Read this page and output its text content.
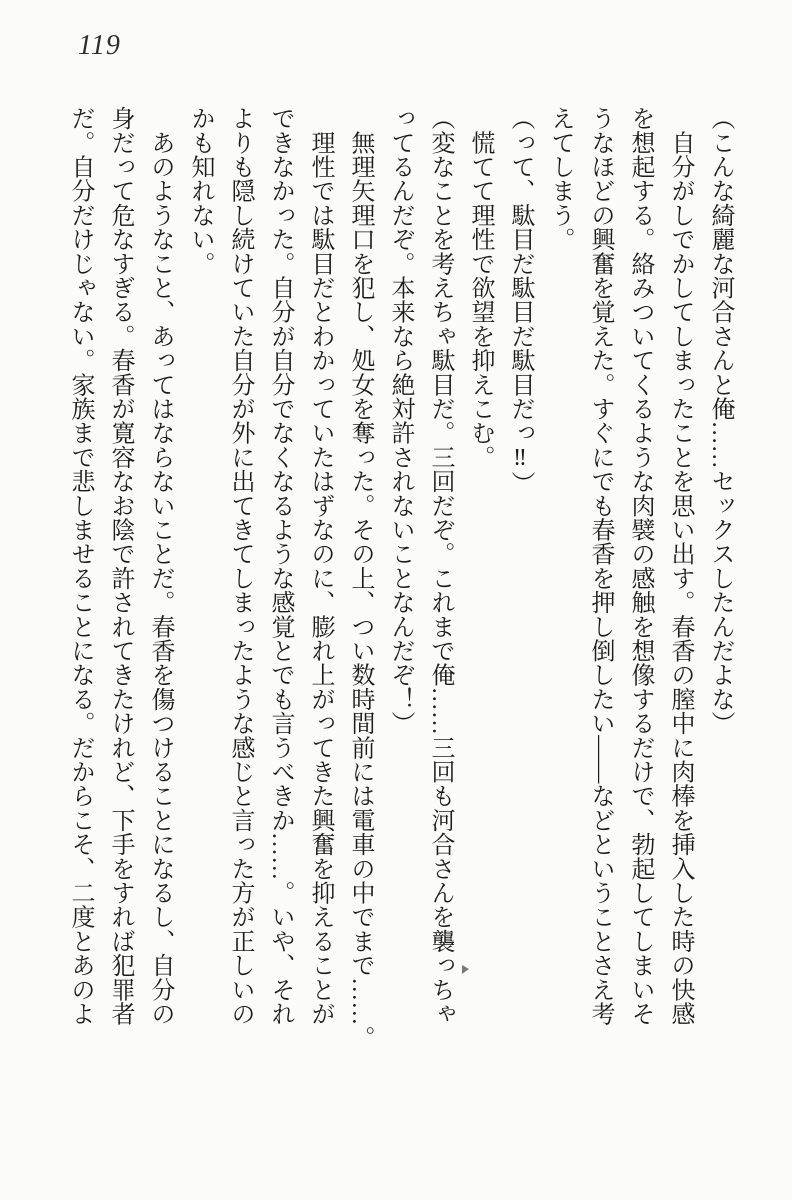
119
（こんな綺麗な河合さんと俺……セックスしたんだよな）
　自分がしでかしてしまったことを思い出す。春香の膣中に肉棒を挿入した時の快感
を想起する。絡みついてくるような肉襞の感触を想像するだけで、勃起してしまいそ
うなほどの興奮を覚えた。すぐにでも春香を押し倒したい――などということさえ考
えてしまう。
（って、駄目だ駄目だ駄目だっ‼）
　慌てて理性で欲望を抑えこむ。
（変なことを考えちゃ駄目だ。三回だぞ。これまで俺……三回も河合さんを襲っちゃ
ってるんだぞ。本来なら絶対許されないことなんだぞ！）
　無理矢理口を犯し、処女を奪った。その上、つい数時間前には電車の中でまで……。
　理性では駄目だとわかっていたはずなのに、膨れ上がってきた興奮を抑えることが
できなかった。自分が自分でなくなるような感覚とでも言うべきか……。いや、それ
よりも隠し続けていた自分が外に出てきてしまったような感じと言った方が正しいの
かも知れない。
　あのようなこと、あってはならないことだ。春香を傷つけることになるし、自分の
身だって危なすぎる。春香が寛容なお陰で許されてきたけれど、下手をすれば犯罪者
だ。自分だけじゃない。家族まで悲しませることになる。だからこそ、二度とあのよ
